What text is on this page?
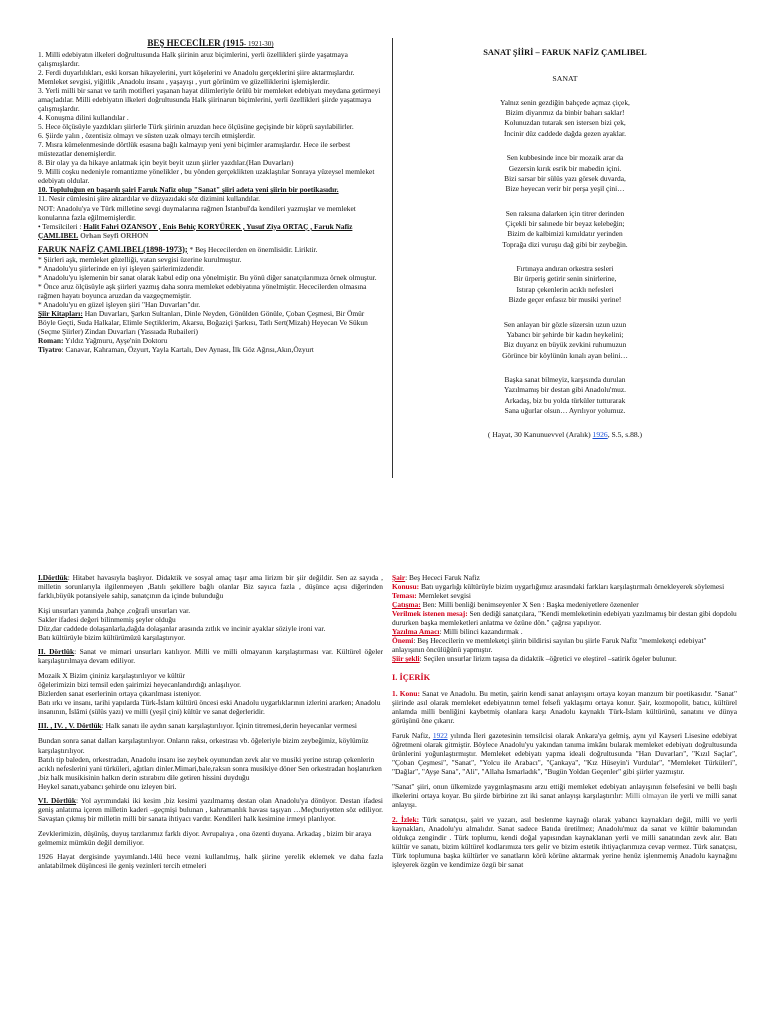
BEŞ HECECİLER (1915- 1921-30)

1. Milli edebiyatın ilkeleri doğrultusunda Halk şiirinin aruz biçimlerini, yerli özellikleri şiirde yaşatmaya çalışmışlardır.

2. Ferdi duyarlılıkları, eski korsan hikayelerini, yurt köşelerini ve Anadolu gerçeklerini şiire aktarmışlardır. Memleket sevgisi, yiğitlik ,Anadolu insanı , yaşayışı , yurt görünüm ve güzelliklerini işlemişlerdir.

3. Yerli milli bir sanat ve tarih motifleri yaşanan hayat dilimleriyle örülü bir memleket edebiyatı meydana getirmeyi amaçladılar. Milli edebiyatın ilkeleri doğrultusunda Halk şiirinarun biçimlerini, yerli özellikleri şiirde yaşatmaya çalışmışlardır.

4. Konuşma dilini kullandılar .

5. Hece ölçüsüyle yazdıkları şiirlerle Türk şiirinin aruzdan hece ölçüsüne geçişinde bir köprü sayılabilirler.

6. Şiirde yalın , özentisiz olmayı ve süsten uzak olmayı tercih etmişlerdir.

7. Mısra kümelenmesinde dörtlük esasına bağlı kalmayıp yeni yeni biçimler aramışlardır. Hece ile serbest müstezatlar denemişlerdir.

8. Bir olay ya da hikaye anlatmak için beyit beyit uzun şiirler yazdılar.(Han Duvarları)

9. Milli coşku nedeniyle romantizme yönelikler , bu yönden gerçeklikten uzaklaştılar Sonraya yüzeysel memleket edebiyatı oldular.

10. Topluluğun en başarılı şairi Faruk Nafiz olup "Sanat" şiiri adeta yeni şiirin bir poetikasıdır.

11. Nesir cümlesini şiire aktardılar ve düzyazıdaki söz dizimini kullandılar.

NOT: Anadolu'ya ve Türk milletine sevgi duymalarına rağmen İstanbul'da kendileri yazmışlar ve memleket konularına fazla eğilmemişlerdir.

• Temsilcileri : Halit Fahri OZANSOY , Enis Behiç KORYÜREK , Yusuf Ziya ORTAÇ , Faruk Nafiz ÇAMLIBEL Orhan Seyfi ORHON

FARUK NAFİZ ÇAMLIBEL(1898-1973); * Beş Hececilerden en önemlisidir. Liriktir.

* Şiirleri aşk, memleket güzelliği, vatan sevgisi üzerine kurulmuştur.

* Anadolu'yu şiirlerinde en iyi işleyen şairlerimizdendir.

* Anadolu'yu işlemenin bir sanat olarak kabul edip ona yönelmiştir. Bu yönü diğer sanatçılarımıza örnek olmuştur.

* Önce aruz ölçüsüyle aşk şiirleri yazmış daha sonra memleket edebiyatına yönelmiştir. Hececilerden olmasına rağmen hayatı boyunca aruzdan da vazgeçmemiştir.

* Anadolu'yu en güzel işleyen şiiri "Han Duvarları"dır.

Şiir Kitapları: Han Duvarları, Şarkın Sultanları, Dinle Neyden, Gönülden Gönüle, Çoban Çeşmesi, Bir Ömür Böyle Geçti, Suda Halkalar, Elimle Seçtiklerim, Akarsu, Boğaziçi Şarkısı, Tatlı Sert(Mizah) Heyecan Ve Sükun (Seçme Şiirler) Zindan Duvarları (Yassıada Rubaileri)

Roman: Yıldız Yağmuru, Ayşe'nin Doktoru

Tiyatro: Canavar, Kahraman, Özyurt, Yayla Kartalı, Dev Aynası, İlk Göz Ağrısı,Akın,Özyurt

SANAT ŞİİRİ – FARUK NAFİZ ÇAMLIBEL
SANAT

Yalnız senin gezdiğin bahçede açmaz çiçek,

Bizim diyarımız da binbir baharı saklar!

Kolunuzdan tutarak sen istersen bizi çek,

İncinir düz caddede dağda gezen ayaklar.

Sen kubbesinde ince bir mozaik arar da

Gezersin kırık esrik bir mabedin içini.

Bizi sarsar bir sülüs yazı görsek duvarda,

Bize heyecan verir bir perşa yeşil çini…

Sen raksına dalarken için titrer derinden

Çiçekli bir salınede bir beyaz kelebeğin;

Bizim de kalbimizi kımıldatır yerinden

Toprağa dizi vuruşu dağ gibi bir zeybeğin.

Fırtınaya andıran orkestra sesleri

Bir ürperiş getirir senin sinirlerine,

Istırap çekenlerin acıklı nefesleri

Bizde geçer enfasız bir musiki yerine!

Sen anlayan bir gözle süzersin uzun uzun

Yabancı bir şehirde bir kadın heykelini;

Biz duyarız en büyük zevkini ruhumuzun

Görünce bir köylünün kınalı ayan belini…

Başka sanat bilmeyiz, karşısında durulan

Yazılmamış bir destan gibi Anadolu'muz.

Arkadaş, biz bu yolda türküler tutturarak

Sana uğurlar olsun… Ayrılıyor yolumuz.

( Hayat, 30 Kanunuevvel (Aralık) 1926, S.5, s.88.)

I.Dörtlük: Hitabet havasıyla başlıyor. Didaktik ve sosyal amaç taşır ama lirizm bir şiir değildir. Sen az sayıda , milletin sorunlarıyla ilgilenmeyen ,Batılı şekillere bağlı olanlar Biz sayıca fazla , düşünce açısı diğerinden farklı,büyük potansiyele sahip, sanatçının da içinde bulunduğu

Kişi unsurları yanında ,bahçe ,coğrafi unsurları var.

Sakler ifadesi değeri bilinmemiş şeyler olduğu

Düz,dar caddede dolaşanlarla,dağda dolaşanlar arasında zıtlık ve incinir ayaklar söziyle ironi var.

Batı kültürüyle bizim kültürümüzü karşılaştırıyor.

II. Dörtlük: Sanat ve mimari unsurları katılıyor. Milli ve milli olmayanın karşılaştırması var. Kültürel öğeler karşılaştırılmaya devam ediliyor.

Mozaik X Bizim çininiz karşılaştırılıyor ve kültür

öğelerimizin bizi temsil eden şairimizi heyecanlandırdığı anlaşılıyor.

Bizlerden sanat eserlerinin ortaya çıkarılması isteniyor.

Batı ırkı ve insanı, tarihi yapılarda Türk-İslam kültürü öncesi eski Anadolu uygarlıklarının izlerini ararken; Anadolu insanının, İslâmi (sülüs yazı) ve milli (yeşil çini) kültür ve sanat değerleridir.

III. , IV. , V. Dörtlük: Halk sanatı ile aydın sanatı karşılaştırılıyor. İçinin titremesi,derin heyecanlar vermesi

Bundan sonra sanat dalları karşılaştırılıyor. Onların raksı, orkestrası vb. öğeleriyle bizim zeybeğimiz, köylümüz

karşılaştırılıyor.

Batılı tip baleden, orkestradan, Anadolu insanı ise zeybek oyunundan zevk alır ve musiki yerine ıstırap çekenlerin acıklı nefeslerini yani türküleri, ağıtları dinler.Mimari,bale,raksın sonra musikiye döner Sen orkestradan hoşlanırken ,biz halk musikisinin halkın derin ıstırabını dile getiren hissini duyduğu

Heykel sanatı,yabancı şehirde onu izleyen biri.

VI. Dörtlük: Yol ayrımındaki iki kesim ,biz kesimi yazılmamış destan olan Anadolu'ya dönüyor. Destan ifadesi geniş anlatıma içeren milletin kaderi –geçmişi bulunan , kahramanlık havası taşıyan …Meçburiyetten söz ediliyor. Savaştan çıkmış bir milletin milli bir sanata ihtiyacı vardır. Kendileri halk kesimine irmeyi planlıyor.

Zevklerimizin, düşünüş, duyuş tarzlarımız farklı diyor. Avrupalıya , ona özenti duyana. Arkadaş , bizim bir araya gelmemiz mümkün değil demiliyor.

1926 Hayat dergisinde yayımlandı.14lü hece vezni kullanılmış, halk şiirine yerelik eklemek ve daha fazla anlatabilmek düşüncesi ile geniş vezinleri tercih etmeleri

Şair: Beş Hececi Faruk Nafiz

Konusu: Batı uygarlığı kültürüyle bizim uygarlığımız arasındaki farkları karşılaştırmalı örnekleyerek söylemesi

Teması: Memleket sevgisi

Çatışma: Ben: Milli benliği benimseyenler X Sen : Başka medeniyetlere özenenler

Verilmek istenen mesaj: Sen dediği sanatçılara, "Kendi memleketinin edebiyatı yazılmamış bir destan gibi dopdolu dururken başka memleketleri anlatma ve özüne dön." çağrısı yapılıyor.

Yazılma Amacı: Milli bilinci kazandırmak .

Önemi: Beş Hececilerin ve memleketçi şiirin bildirisi sayılan bu şiirle Faruk Nafiz "memleketçi edebiyat" anlayışının öncülüğünü yapmıştır.

Şiir şekli: Seçilen unsurlar lirizm taşısa da didaktik –öğretici ve eleştirel –satirik ögeler bulunur.

I. İÇERİK

1. Konu: Sanat ve Anadolu. Bu metin, şairin kendi sanat anlayışını ortaya koyan manzum bir poetikasıdır. "Sanat" şiirinde asıl olarak memleket edebiyatının temel felsefi yaklaşımı ortaya konur. Şair, kozmopolit, batıcı, kültürel anlamda milli benliğini kaybetmiş olanlara karşı Anadolu kaynaklı Türk-İslam kültürünü, sanatını ve dünya görüşünü öne çıkarır.

Faruk Nafiz, 1922 yılında İleri gazetesinin temsilcisi olarak Ankara'ya gelmiş, aynı yıl Kayseri Lisesine edebiyat öğretmeni olarak gitmiştir. Böylece Anadolu'yu yakından tanıma imkânı bularak memleket edebiyatı doğrultusunda ürünlerini yoğunlaştırmıştır. Memleket edebiyatı yapma ideali doğrultusunda "Han Duvarları", "Kızıl Saçlar", "Çoban Çeşmesi", "Sanat", "Yolcu ile Arabacı", "Çankaya", "Kız Hüseyin'i Vurdular", "Memleket Türküleri", "Dağlar", "Ayşe Sana", "Ali", "Allaha Ismarladık", "Bugün Yoldan Geçenler" gibi şiirler yazmıştır.

"Sanat" şiiri, onun ülkemizde yaygınlaşmasını arzu ettiği memleket edebiyatı anlayışının felsefesini ve belli başlı ilkelerini ortaya koyar. Bu şiirde birbirine zıt iki sanat anlayışı karşılaştırılır: Milli olmayan ile yerli ve milli sanat anlayışı.

2. İzlek: Türk sanatçısı, şairi ve yazarı, asıl beslenme kaynağı olarak yabancı kaynakları değil, milli ve yerli kaynakları, Anadolu'yu almalıdır. Sanat sadece Batıda üretilmez; Anadolu'muz da sanat ve kültür bakımından oldukça zengindir . Türk toplumu, kendi doğal yapısından kaynaklanan yerli ve milli sanatından zevk alır. Batı kültür ve sanatı, bizim kültürel kodlarımıza ters gelir ve bizim estetik ihtiyaçlarımıza cevap vermez. Türk sanatçısı, Türk toplumuna başka kültürler ve sanatların körü körüne aktarmak yerine henüz işlenmemiş Anadolu kaynağını işleyerek özgün ve kendimize özgü bir sanat
